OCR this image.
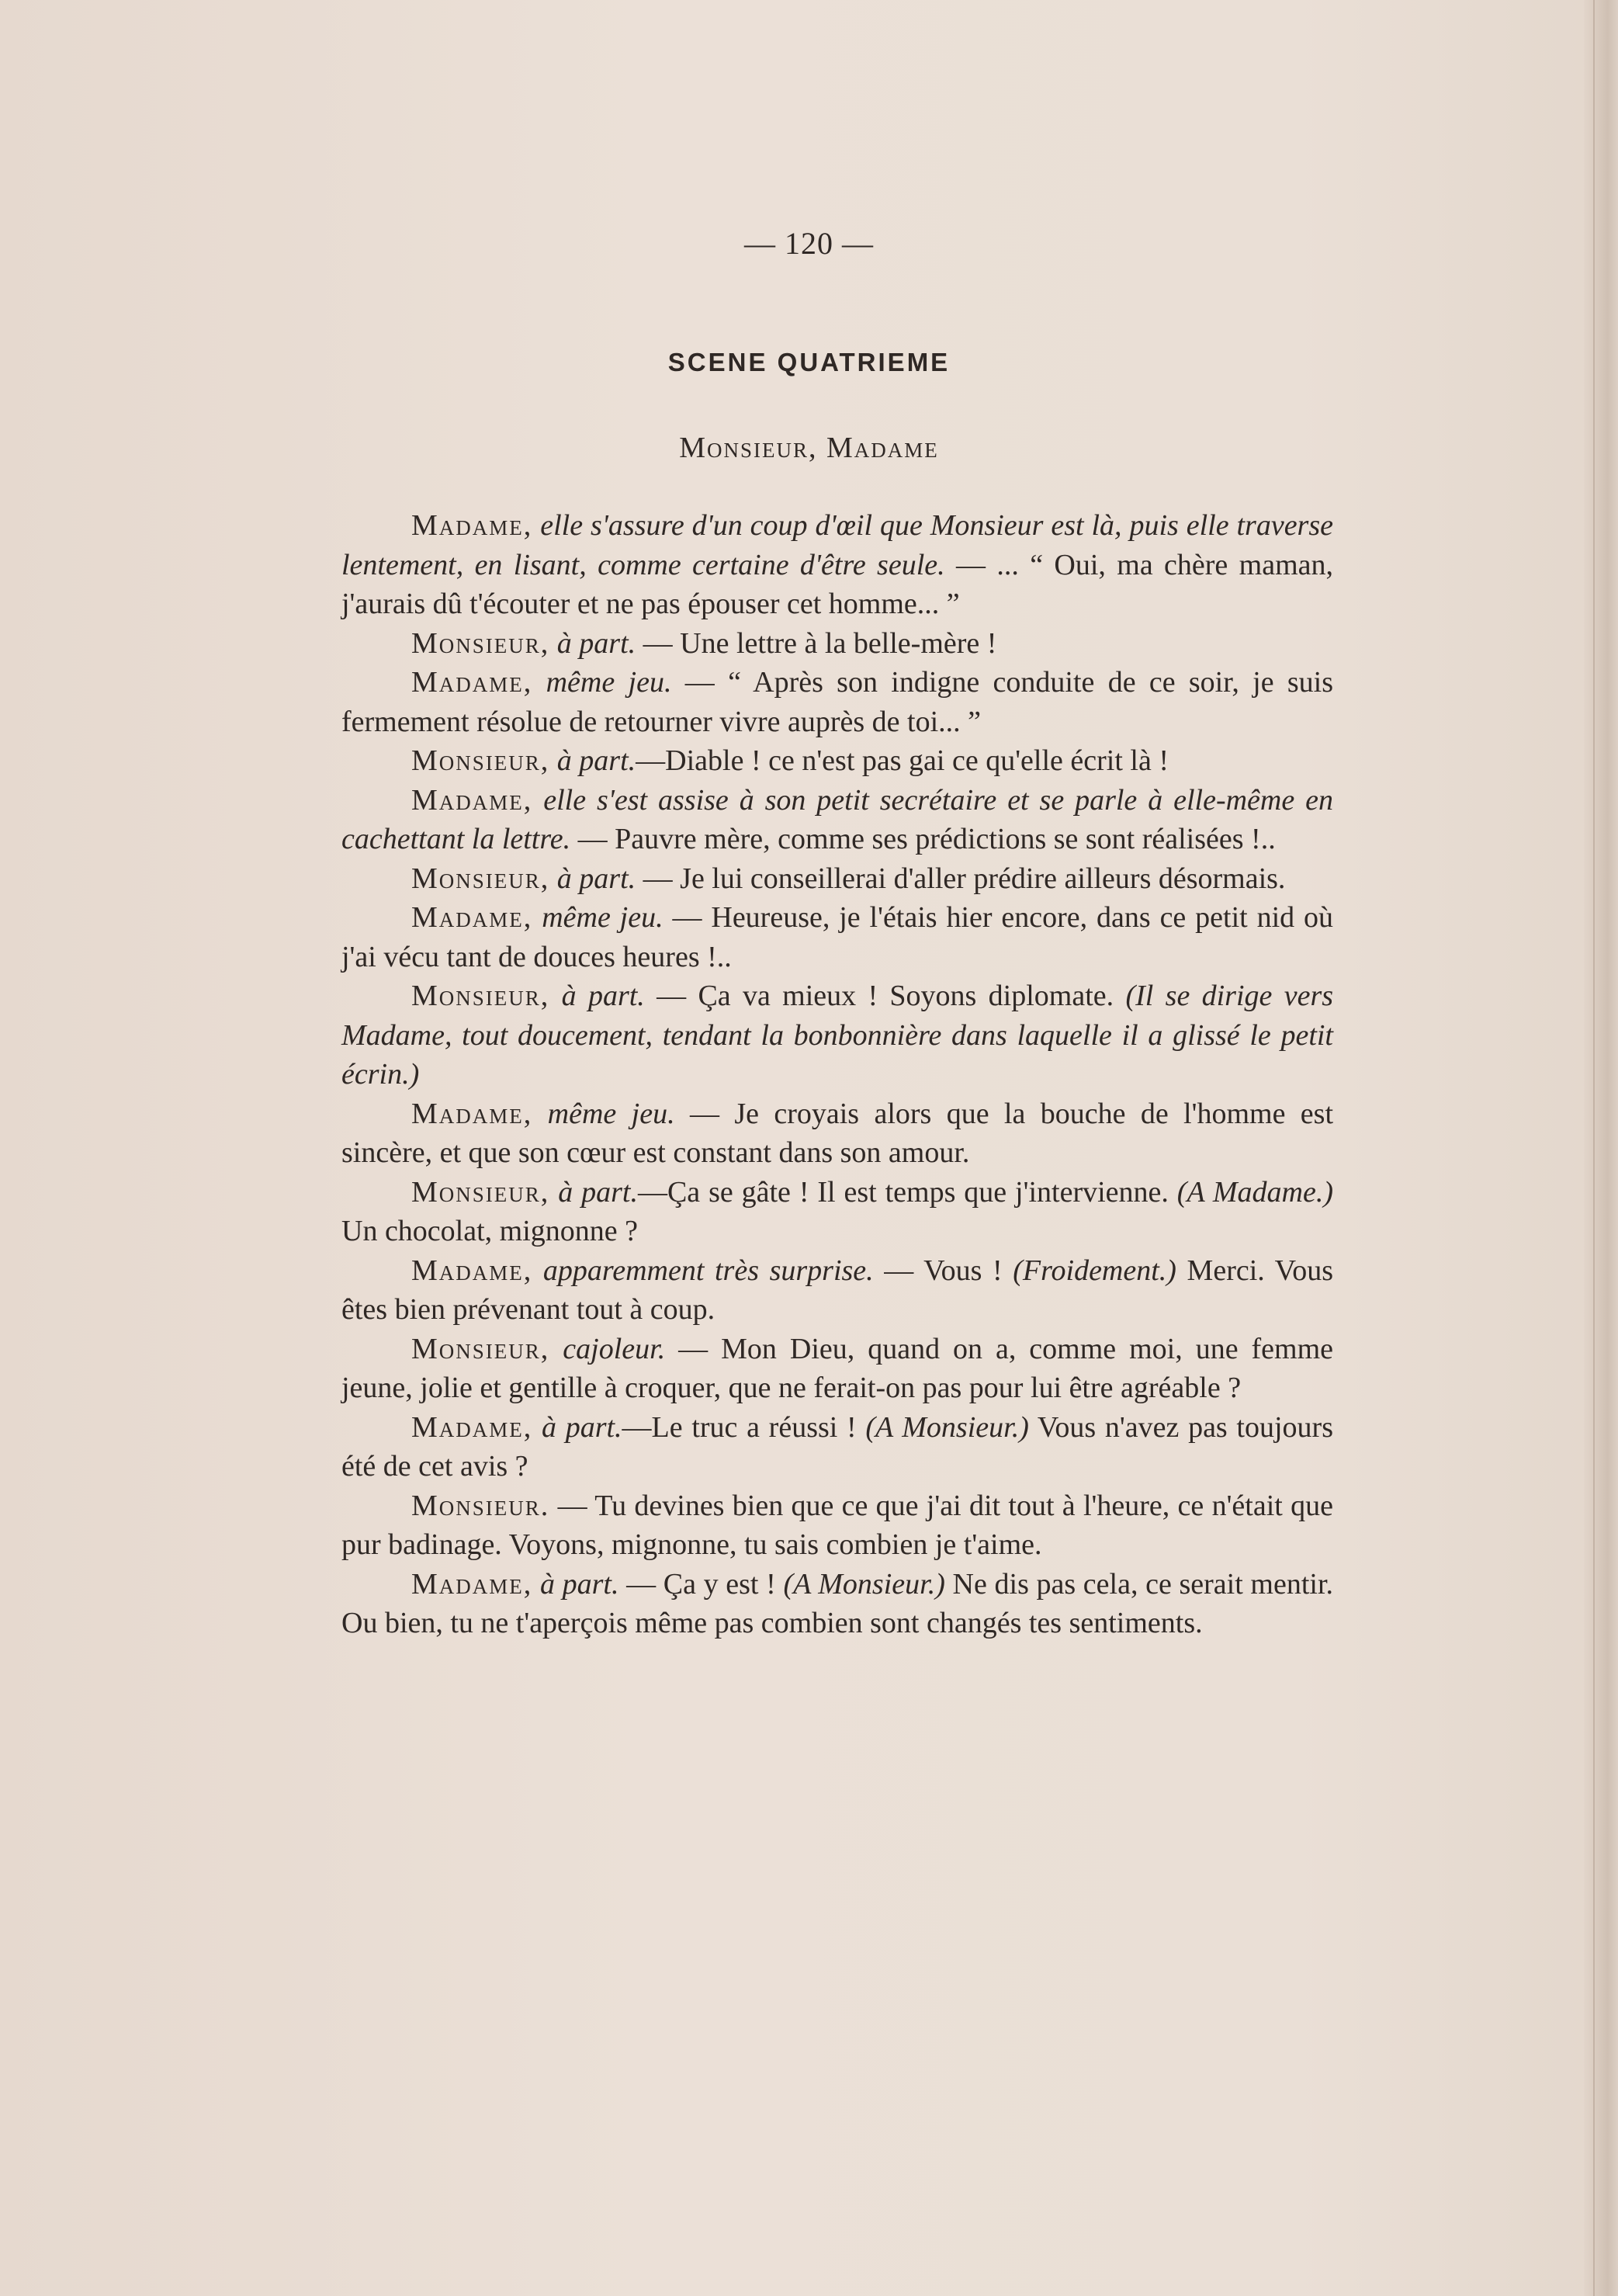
— 120 —
SCENE QUATRIEME
Monsieur, Madame

Madame, elle s'assure d'un coup d'œil que Monsieur est là, puis elle traverse lentement, en lisant, comme certaine d'être seule. — ... “ Oui, ma chère maman, j'aurais dû t'écouter et ne pas épouser cet homme... ”

Monsieur, à part. — Une lettre à la belle-mère !

Madame, même jeu. — “ Après son indigne conduite de ce soir, je suis fermement résolue de retourner vivre auprès de toi... ”

Monsieur, à part.—Diable ! ce n'est pas gai ce qu'elle écrit là !

Madame, elle s'est assise à son petit secrétaire et se parle à elle-même en cachettant la lettre. — Pauvre mère, comme ses prédictions se sont réalisées !..

Monsieur, à part. — Je lui conseillerai d'aller prédire ailleurs désormais.

Madame, même jeu. — Heureuse, je l'étais hier encore, dans ce petit nid où j'ai vécu tant de douces heures !..

Monsieur, à part. — Ça va mieux ! Soyons diplomate. (Il se dirige vers Madame, tout doucement, tendant la bonbonnière dans laquelle il a glissé le petit écrin.)

Madame, même jeu. — Je croyais alors que la bouche de l'homme est sincère, et que son cœur est constant dans son amour.

Monsieur, à part.—Ça se gâte ! Il est temps que j'intervienne. (A Madame.) Un chocolat, mignonne ?

Madame, apparemment très surprise. — Vous ! (Froidement.) Merci. Vous êtes bien prévenant tout à coup.

Monsieur, cajoleur. — Mon Dieu, quand on a, comme moi, une femme jeune, jolie et gentille à croquer, que ne ferait-on pas pour lui être agréable ?

Madame, à part.—Le truc a réussi ! (A Monsieur.) Vous n'avez pas toujours été de cet avis ?

Monsieur. — Tu devines bien que ce que j'ai dit tout à l'heure, ce n'était que pur badinage. Voyons, mignonne, tu sais combien je t'aime.

Madame, à part. — Ça y est ! (A Monsieur.) Ne dis pas cela, ce serait mentir. Ou bien, tu ne t'aperçois même pas combien sont changés tes sentiments.
